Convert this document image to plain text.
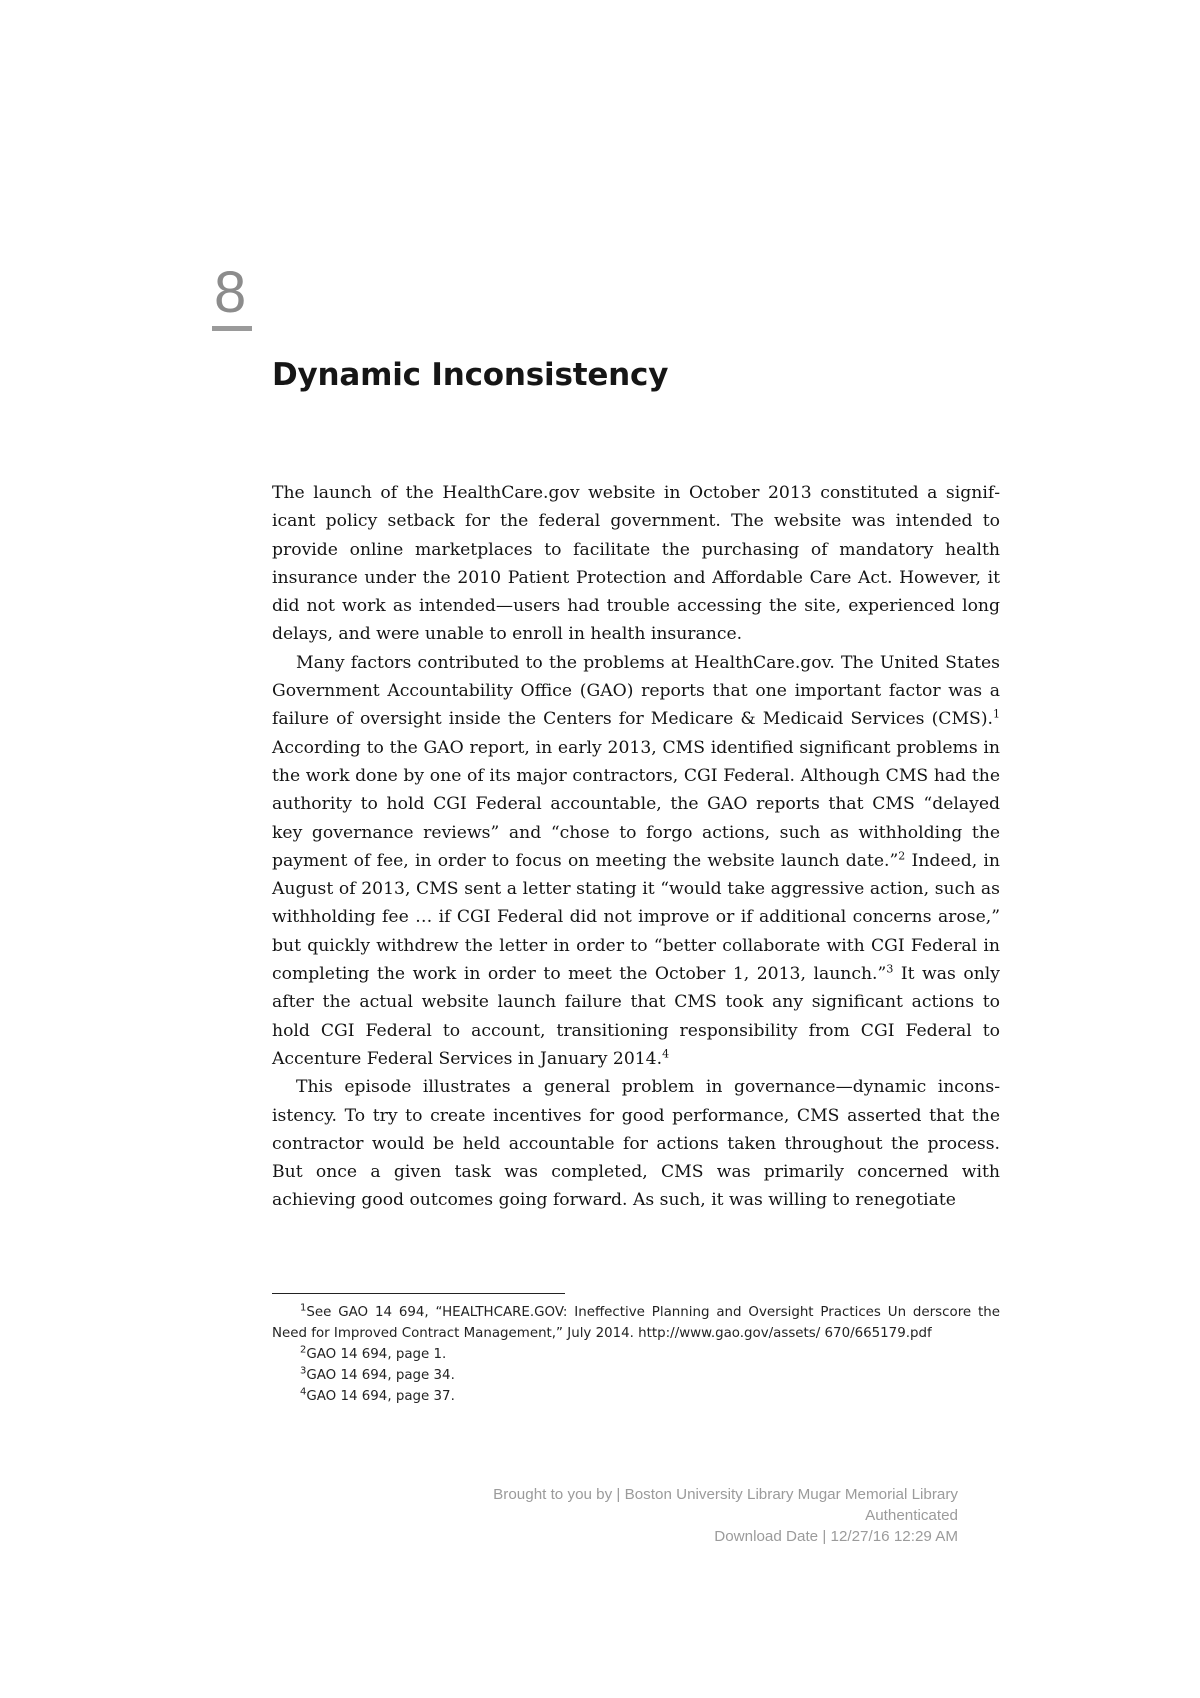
8
Dynamic Inconsistency

The launch of the HealthCare.gov website in October 2013 constituted a significant policy setback for the federal government. The website was intended to provide online marketplaces to facilitate the purchasing of mandatory health insurance under the 2010 Patient Protection and Affordable Care Act. However, it did not work as intended—users had trouble accessing the site, experienced long delays, and were unable to enroll in health insurance.

Many factors contributed to the problems at HealthCare.gov. The United States Government Accountability Office (GAO) reports that one important factor was a failure of oversight inside the Centers for Medicare & Medicaid Services (CMS).$^1$ According to the GAO report, in early 2013, CMS identified significant problems in the work done by one of its major contractors, CGI Federal. Although CMS had the authority to hold CGI Federal accountable, the GAO reports that CMS “delayed key governance reviews” and “chose to forgo actions, such as withholding the payment of fee, in order to focus on meeting the website launch date.”$^2$ Indeed, in August of 2013, CMS sent a letter stating it “would take aggressive action, such as withholding fee … if CGI Federal did not improve or if additional concerns arose,” but quickly withdrew the letter in order to “better collaborate with CGI Federal in completing the work in order to meet the October 1, 2013, launch.”$^3$ It was only after the actual website launch failure that CMS took any significant actions to hold CGI Federal to account, transitioning responsibility from CGI Federal to Accenture Federal Services in January 2014.$^4$

This episode illustrates a general problem in governance—dynamic inconsistency. To try to create incentives for good performance, CMS asserted that the contractor would be held accountable for actions taken throughout the process. But once a given task was completed, CMS was primarily concerned with achieving good outcomes going forward. As such, it was willing to renegotiate

$^1$See GAO 14 694, “HEALTHCARE.GOV: Ineffective Planning and Oversight Practices Un derscore the Need for Improved Contract Management,” July 2014. http://www.gao.gov/assets/ 670/665179.pdf
$^2$GAO 14 694, page 1.
$^3$GAO 14 694, page 34.
$^4$GAO 14 694, page 37.
Brought to you by | Boston University Library Mugar Memorial Library
Authenticated
Download Date | 12/27/16 12:29 AM
